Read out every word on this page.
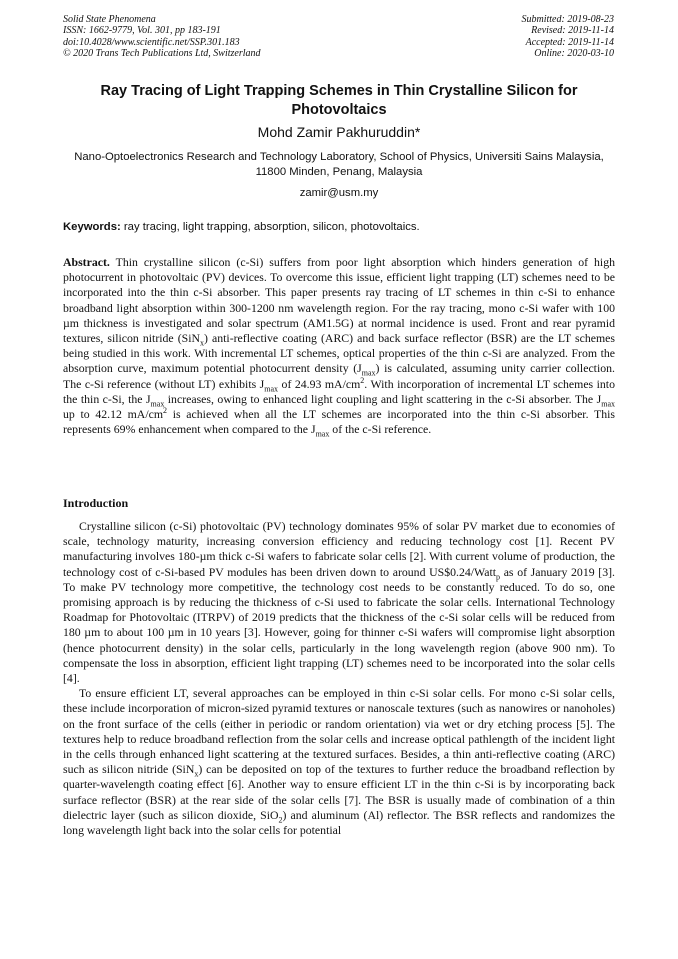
Solid State Phenomena
ISSN: 1662-9779, Vol. 301, pp 183-191
doi:10.4028/www.scientific.net/SSP.301.183
© 2020 Trans Tech Publications Ltd, Switzerland
Submitted: 2019-08-23
Revised: 2019-11-14
Accepted: 2019-11-14
Online: 2020-03-10
Ray Tracing of Light Trapping Schemes in Thin Crystalline Silicon for Photovoltaics
Mohd Zamir Pakhuruddin*
Nano-Optoelectronics Research and Technology Laboratory, School of Physics, Universiti Sains Malaysia, 11800 Minden, Penang, Malaysia
zamir@usm.my
Keywords: ray tracing, light trapping, absorption, silicon, photovoltaics.

Abstract. Thin crystalline silicon (c-Si) suffers from poor light absorption which hinders generation of high photocurrent in photovoltaic (PV) devices. To overcome this issue, efficient light trapping (LT) schemes need to be incorporated into the thin c-Si absorber. This paper presents ray tracing of LT schemes in thin c-Si to enhance broadband light absorption within 300-1200 nm wavelength region. For the ray tracing, mono c-Si wafer with 100 µm thickness is investigated and solar spectrum (AM1.5G) at normal incidence is used. Front and rear pyramid textures, silicon nitride (SiN$_x$) anti-reflective coating (ARC) and back surface reflector (BSR) are the LT schemes being studied in this work. With incremental LT schemes, optical properties of the thin c-Si are analyzed. From the absorption curve, maximum potential photocurrent density $(J_{max})$ is calculated, assuming unity carrier collection. The c-Si reference (without LT) exhibits $J_{max}$ of 24.93 $mA/cm^2$. With incorporation of incremental LT schemes into the thin c-Si, the $J_{max}$ increases, owing to enhanced light coupling and light scattering in the c-Si absorber. The $J_{max}$ up to 42.12 $mA/cm^2$ is achieved when all the LT schemes are incorporated into the thin c-Si absorber. This represents 69% enhancement when compared to the $J_{max}$ of the c-Si reference.

Introduction

Crystalline silicon (c-Si) photovoltaic (PV) technology dominates 95% of solar PV market due to economies of scale, technology maturity, increasing conversion efficiency and reducing technology cost [1]. Recent PV manufacturing involves 180-µm thick c-Si wafers to fabricate solar cells [2]. With current volume of production, the technology cost of c-Si-based PV modules has been driven down to around US$0.24/Watt$_p$ as of January 2019 [3]. To make PV technology more competitive, the technology cost needs to be constantly reduced. To do so, one promising approach is by reducing the thickness of c-Si used to fabricate the solar cells. International Technology Roadmap for Photovoltaic (ITRPV) of 2019 predicts that the thickness of the c-Si solar cells will be reduced from 180 µm to about 100 µm in 10 years [3]. However, going for thinner c-Si wafers will compromise light absorption (hence photocurrent density) in the solar cells, particularly in the long wavelength region (above 900 nm). To compensate the loss in absorption, efficient light trapping (LT) schemes need to be incorporated into the solar cells [4].

To ensure efficient LT, several approaches can be employed in thin c-Si solar cells. For mono c-Si solar cells, these include incorporation of micron-sized pyramid textures or nanoscale textures (such as nanowires or nanoholes) on the front surface of the cells (either in periodic or random orientation) via wet or dry etching process [5]. The textures help to reduce broadband reflection from the solar cells and increase optical pathlength of the incident light in the cells through enhanced light scattering at the textured surfaces. Besides, a thin anti-reflective coating (ARC) such as silicon nitride (SiN$_x$) can be deposited on top of the textures to further reduce the broadband reflection by quarter-wavelength coating effect [6]. Another way to ensure efficient LT in the thin c-Si is by incorporating back surface reflector (BSR) at the rear side of the solar cells [7]. The BSR is usually made of combination of a thin dielectric layer (such as silicon dioxide, SiO$_2$) and aluminum (Al) reflector. The BSR reflects and randomizes the long wavelength light back into the solar cells for potential
